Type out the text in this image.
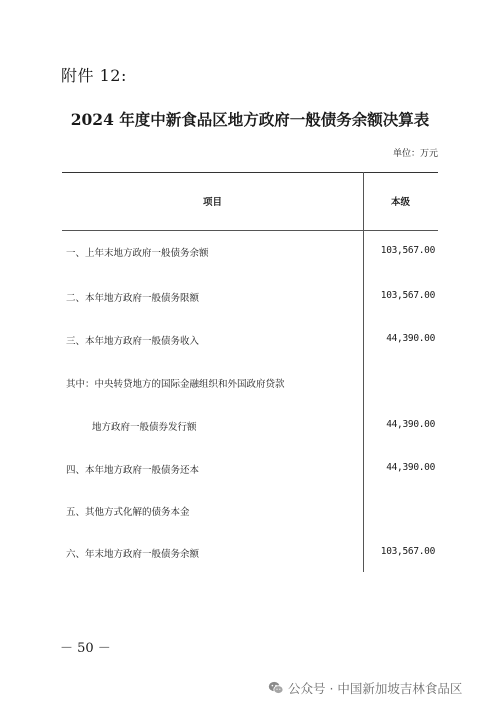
附件 12:
2024 年度中新食品区地方政府一般债务余额决算表
单位：万元
项目	本级
一、上年末地方政府一般债务余额	103,567.00
二、本年地方政府一般债务限额	103,567.00
三、本年地方政府一般债务收入	44,390.00
其中：中央转贷地方的国际金融组织和外国政府贷款
地方政府一般债券发行额	44,390.00
四、本年地方政府一般债务还本	44,390.00
五、其他方式化解的债务本金
六、年末地方政府一般债务余额	103,567.00
－ 50 －
公众号 · 中国新加坡吉林食品区
